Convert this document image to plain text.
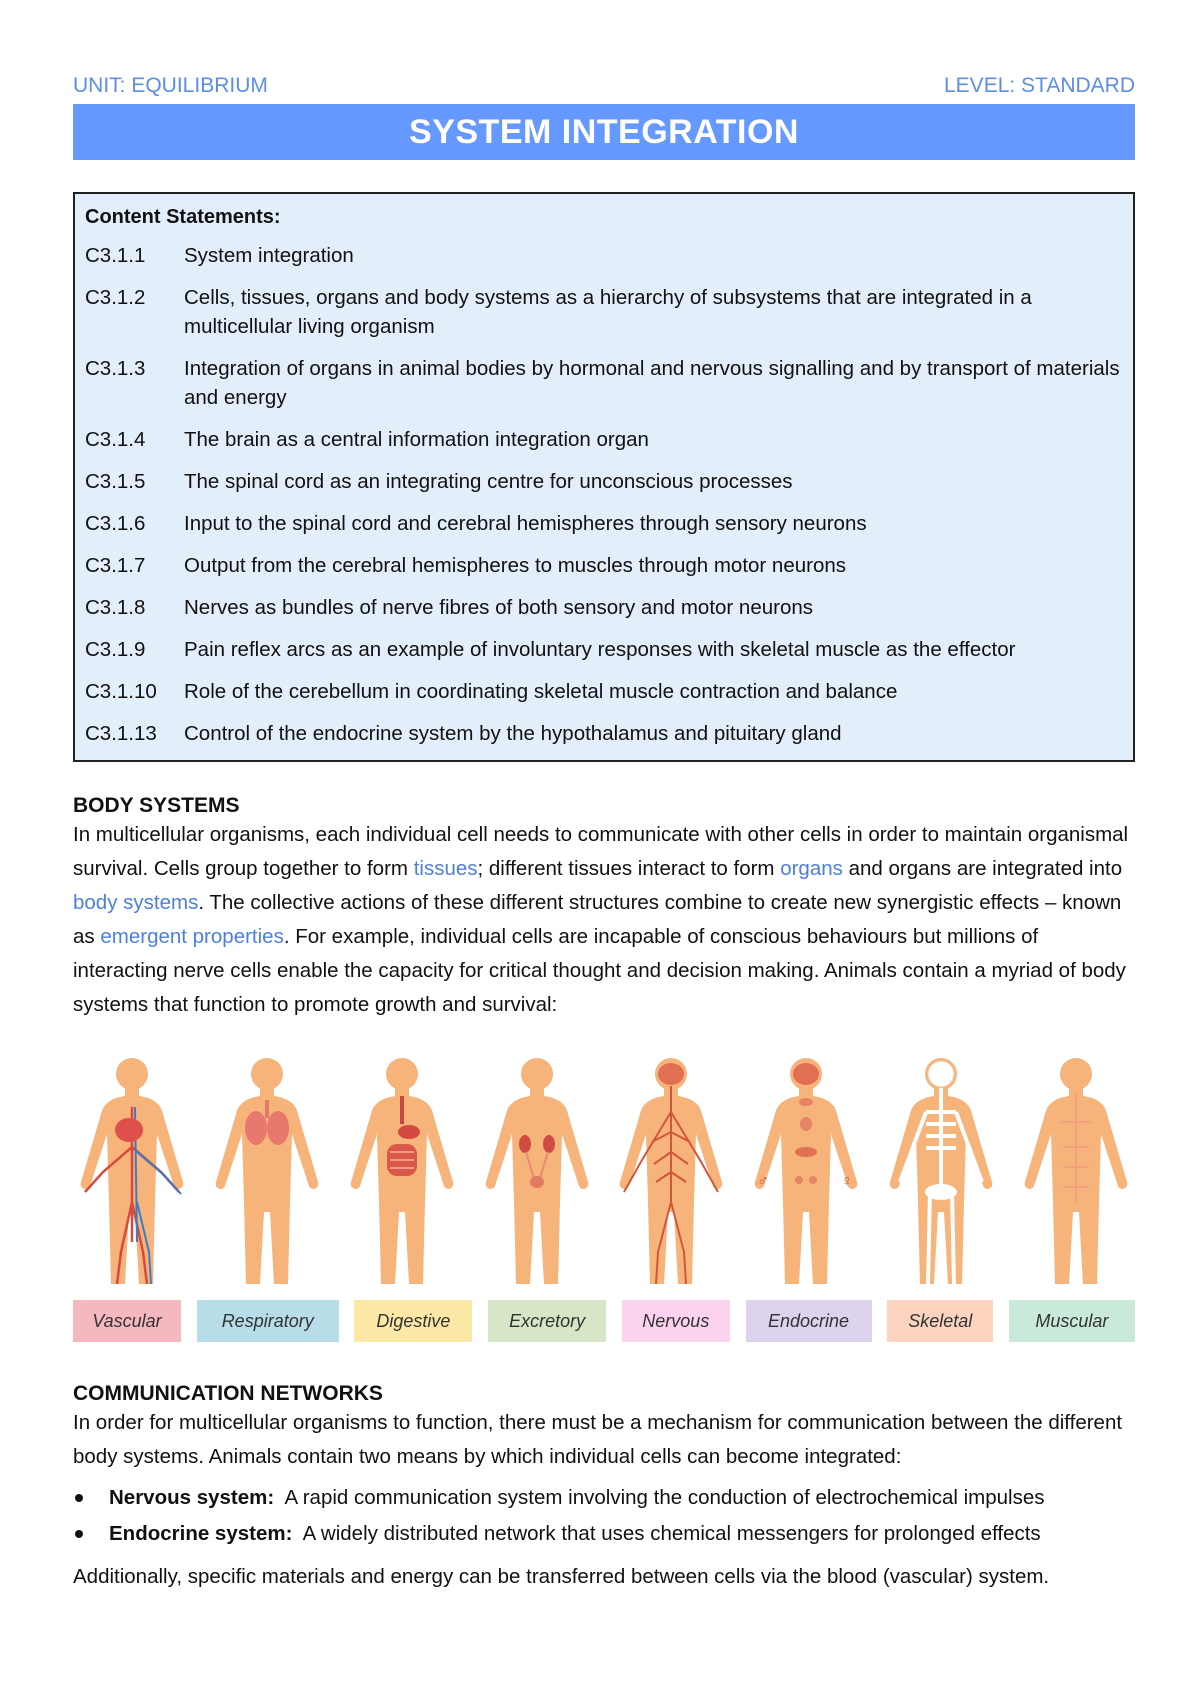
UNIT: EQUILIBRIUM	LEVEL: STANDARD
SYSTEM INTEGRATION
Content Statements:
C3.1.1	System integration
C3.1.2	Cells, tissues, organs and body systems as a hierarchy of subsystems that are integrated in a multicellular living organism
C3.1.3	Integration of organs in animal bodies by hormonal and nervous signalling and by transport of materials and energy
C3.1.4	The brain as a central information integration organ
C3.1.5	The spinal cord as an integrating centre for unconscious processes
C3.1.6	Input to the spinal cord and cerebral hemispheres through sensory neurons
C3.1.7	Output from the cerebral hemispheres to muscles through motor neurons
C3.1.8	Nerves as bundles of nerve fibres of both sensory and motor neurons
C3.1.9	Pain reflex arcs as an example of involuntary responses with skeletal muscle as the effector
C3.1.10	Role of the cerebellum in coordinating skeletal muscle contraction and balance
C3.1.13	Control of the endocrine system by the hypothalamus and pituitary gland
BODY SYSTEMS
In multicellular organisms, each individual cell needs to communicate with other cells in order to maintain organismal survival. Cells group together to form tissues; different tissues interact to form organs and organs are integrated into body systems. The collective actions of these different structures combine to create new synergistic effects – known as emergent properties. For example, individual cells are incapable of conscious behaviours but millions of interacting nerve cells enable the capacity for critical thought and decision making. Animals contain a myriad of body systems that function to promote growth and survival:
♂	♀
Vascular	Respiratory	Digestive	Excretory	Nervous	Endocrine	Skeletal	Muscular
COMMUNICATION NETWORKS
In order for multicellular organisms to function, there must be a mechanism for communication between the different body systems. Animals contain two means by which individual cells can become integrated:
Nervous system:  A rapid communication system involving the conduction of electrochemical impulses
Endocrine system:  A widely distributed network that uses chemical messengers for prolonged effects
Additionally, specific materials and energy can be transferred between cells via the blood (vascular) system.
